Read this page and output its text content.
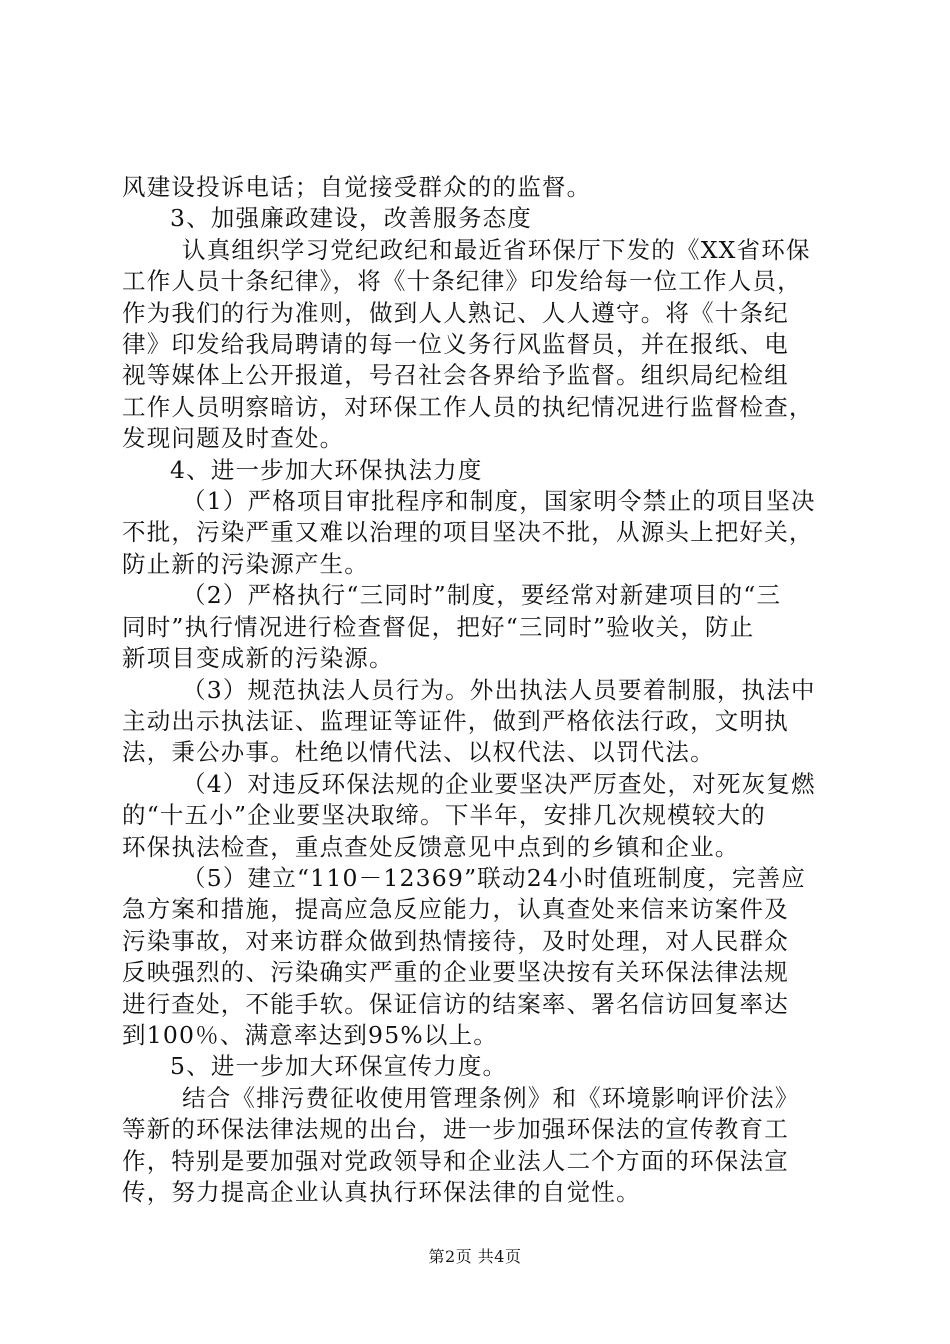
风建设投诉电话；自觉接受群众的的监督。
3、加强廉政建设，改善服务态度
认真组织学习党纪政纪和最近省环保厅下发的《XX省环保
工作人员十条纪律》，将《十条纪律》印发给每一位工作人员，
作为我们的行为准则，做到人人熟记、人人遵守。将《十条纪
律》印发给我局聘请的每一位义务行风监督员，并在报纸、电
视等媒体上公开报道，号召社会各界给予监督。组织局纪检组
工作人员明察暗访，对环保工作人员的执纪情况进行监督检查，
发现问题及时查处。
4、进一步加大环保执法力度
（1）严格项目审批程序和制度，国家明令禁止的项目坚决
不批，污染严重又难以治理的项目坚决不批，从源头上把好关，
防止新的污染源产生。
（2）严格执行“三同时”制度，要经常对新建项目的“三
同时”执行情况进行检查督促，把好“三同时”验收关，防止
新项目变成新的污染源。
（3）规范执法人员行为。外出执法人员要着制服，执法中
主动出示执法证、监理证等证件，做到严格依法行政，文明执
法，秉公办事。杜绝以情代法、以权代法、以罚代法。
（4）对违反环保法规的企业要坚决严厉查处，对死灰复燃
的“十五小”企业要坚决取缔。下半年，安排几次规模较大的
环保执法检查，重点查处反馈意见中点到的乡镇和企业。
（5）建立“110－12369”联动24小时值班制度，完善应
急方案和措施，提高应急反应能力，认真查处来信来访案件及
污染事故，对来访群众做到热情接待，及时处理，对人民群众
反映强烈的、污染确实严重的企业要坚决按有关环保法律法规
进行查处，不能手软。保证信访的结案率、署名信访回复率达
到100％、满意率达到95%以上。
5、进一步加大环保宣传力度。
结合《排污费征收使用管理条例》和《环境影响评价法》
等新的环保法律法规的出台，进一步加强环保法的宣传教育工
作，特别是要加强对党政领导和企业法人二个方面的环保法宣
传，努力提高企业认真执行环保法律的自觉性。
第2页 共4页
